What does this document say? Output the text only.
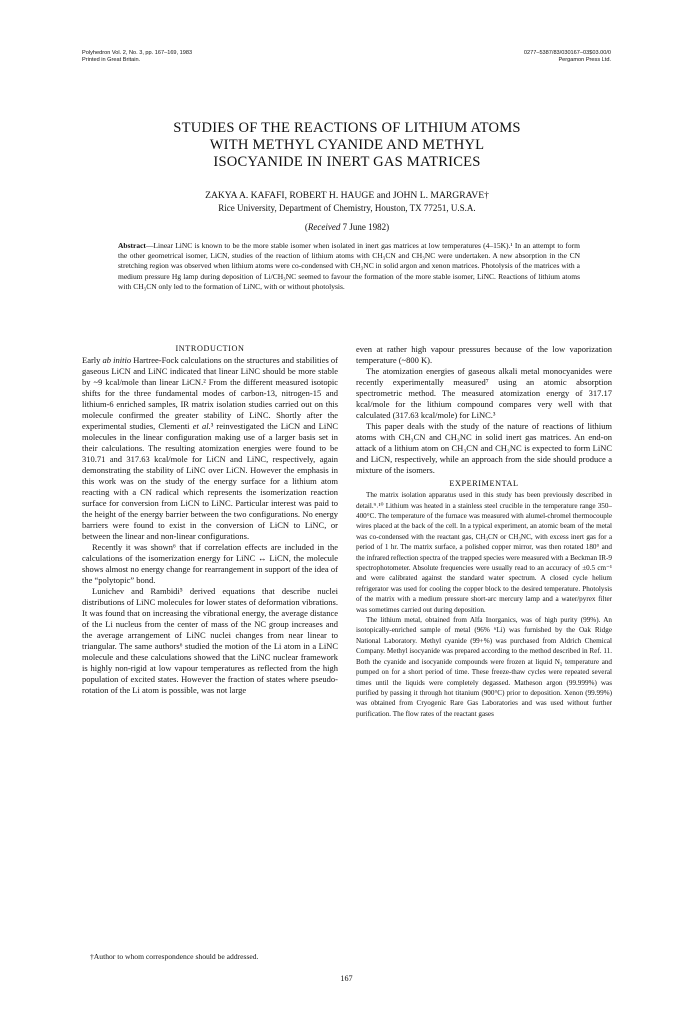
Polyhedron Vol. 2, No. 3, pp. 167–169, 1983
Printed in Great Britain.
0277–5387/83/030167–03$03.00/0
Pergamon Press Ltd.
STUDIES OF THE REACTIONS OF LITHIUM ATOMS
WITH METHYL CYANIDE AND METHYL
ISOCYANIDE IN INERT GAS MATRICES
ZAKYA A. KAFAFI, ROBERT H. HAUGE and JOHN L. MARGRAVE†
Rice University, Department of Chemistry, Houston, TX 77251, U.S.A.
(Received 7 June 1982)
Abstract—Linear LiNC is known to be the more stable isomer when isolated in inert gas matrices at low temperatures (4–15K).¹ In an attempt to form the other geometrical isomer, LiCN, studies of the reaction of lithium atoms with CH₃CN and CH₃NC were undertaken. A new absorption in the CN stretching region was observed when lithium atoms were co-condensed with CH₃NC in solid argon and xenon matrices. Photolysis of the matrices with a medium pressure Hg lamp during deposition of Li/CH₃NC seemed to favour the formation of the more stable isomer, LiNC. Reactions of lithium atoms with CH₃CN only led to the formation of LiNC, with or without photolysis.
INTRODUCTION

Early ab initio Hartree-Fock calculations on the structures and stabilities of gaseous LiCN and LiNC indicated that linear LiNC should be more stable by ~9 kcal/mole than linear LiCN.² From the different measured isotopic shifts for the three fundamental modes of carbon-13, nitrogen-15 and lithium-6 enriched samples, IR matrix isolation studies carried out on this molecule confirmed the greater stability of LiNC. Shortly after the experimental studies, Clementi et al.³ reinvestigated the LiCN and LiNC molecules in the linear configuration making use of a larger basis set in their calculations. The resulting atomization energies were found to be 310.71 and 317.63 kcal/mole for LiCN and LiNC, respectively, again demonstrating the stability of LiNC over LiCN. However the emphasis in this work was on the study of the energy surface for a lithium atom reacting with a CN radical which represents the isomerization reaction surface for conversion from LiCN to LiNC. Particular interest was paid to the height of the energy barrier between the two configurations. No energy barriers were found to exist in the conversion of LiCN to LiNC, or between the linear and non-linear configurations.

Recently it was shown⁶ that if correlation effects are included in the calculations of the isomerization energy for LiNC ↔ LiCN, the molecule shows almost no energy change for rearrangement in support of the idea of the “polytopic” bond.

Lunichev and Rambidi⁵ derived equations that describe nuclei distributions of LiNC molecules for lower states of deformation vibrations. It was found that on increasing the vibrational energy, the average distance of the Li nucleus from the center of mass of the NC group increases and the average arrangement of LiNC nuclei changes from near linear to triangular. The same authors⁶ studied the motion of the Li atom in a LiNC molecule and these calculations showed that the LiNC nuclear framework is highly non-rigid at low vapour temperatures as reflected from the high population of excited states. However the fraction of states where pseudo-rotation of the Li atom is possible, was not large

even at rather high vapour pressures because of the low vaporization temperature (~800 K).

The atomization energies of gaseous alkali metal monocyanides were recently experimentally measured⁷ using an atomic absorption spectrometric method. The measured atomization energy of 317.17 kcal/mole for the lithium compound compares very well with that calculated (317.63 kcal/mole) for LiNC.³

This paper deals with the study of the nature of reactions of lithium atoms with CH₃CN and CH₃NC in solid inert gas matrices. An end-on attack of a lithium atom on CH₃CN and CH₃NC is expected to form LiNC and LiCN, respectively, while an approach from the side should produce a mixture of the isomers.

EXPERIMENTAL

The matrix isolation apparatus used in this study has been previously described in detail.⁹˒¹⁰ Lithium was heated in a stainless steel crucible in the temperature range 350–400°C. The temperature of the furnace was measured with alumel-chromel thermocouple wires placed at the back of the cell. In a typical experiment, an atomic beam of the metal was co-condensed with the reactant gas, CH₃CN or CH₃NC, with excess inert gas for a period of 1 hr. The matrix surface, a polished copper mirror, was then rotated 180° and the infrared reflection spectra of the trapped species were measured with a Beckman IR-9 spectrophotometer. Absolute frequencies were usually read to an accuracy of ±0.5 cm⁻¹ and were calibrated against the standard water spectrum. A closed cycle helium refrigerator was used for cooling the copper block to the desired temperature. Photolysis of the matrix with a medium pressure short-arc mercury lamp and a water/pyrex filter was sometimes carried out during deposition.

The lithium metal, obtained from Alfa Inorganics, was of high purity (99%). An isotopically-enriched sample of metal (96% ⁶Li) was furnished by the Oak Ridge National Laboratory. Methyl cyanide (99+%) was purchased from Aldrich Chemical Company. Methyl isocyanide was prepared according to the method described in Ref. 11. Both the cyanide and isocyanide compounds were frozen at liquid N₂ temperature and pumped on for a short period of time. These freeze-thaw cycles were repeated several times until the liquids were completely degassed. Matheson argon (99.999%) was purified by passing it through hot titanium (900°C) prior to deposition. Xenon (99.99%) was obtained from Cryogenic Rare Gas Laboratories and was used without further purification. The flow rates of the reactant gases

†Author to whom correspondence should be addressed.
167
